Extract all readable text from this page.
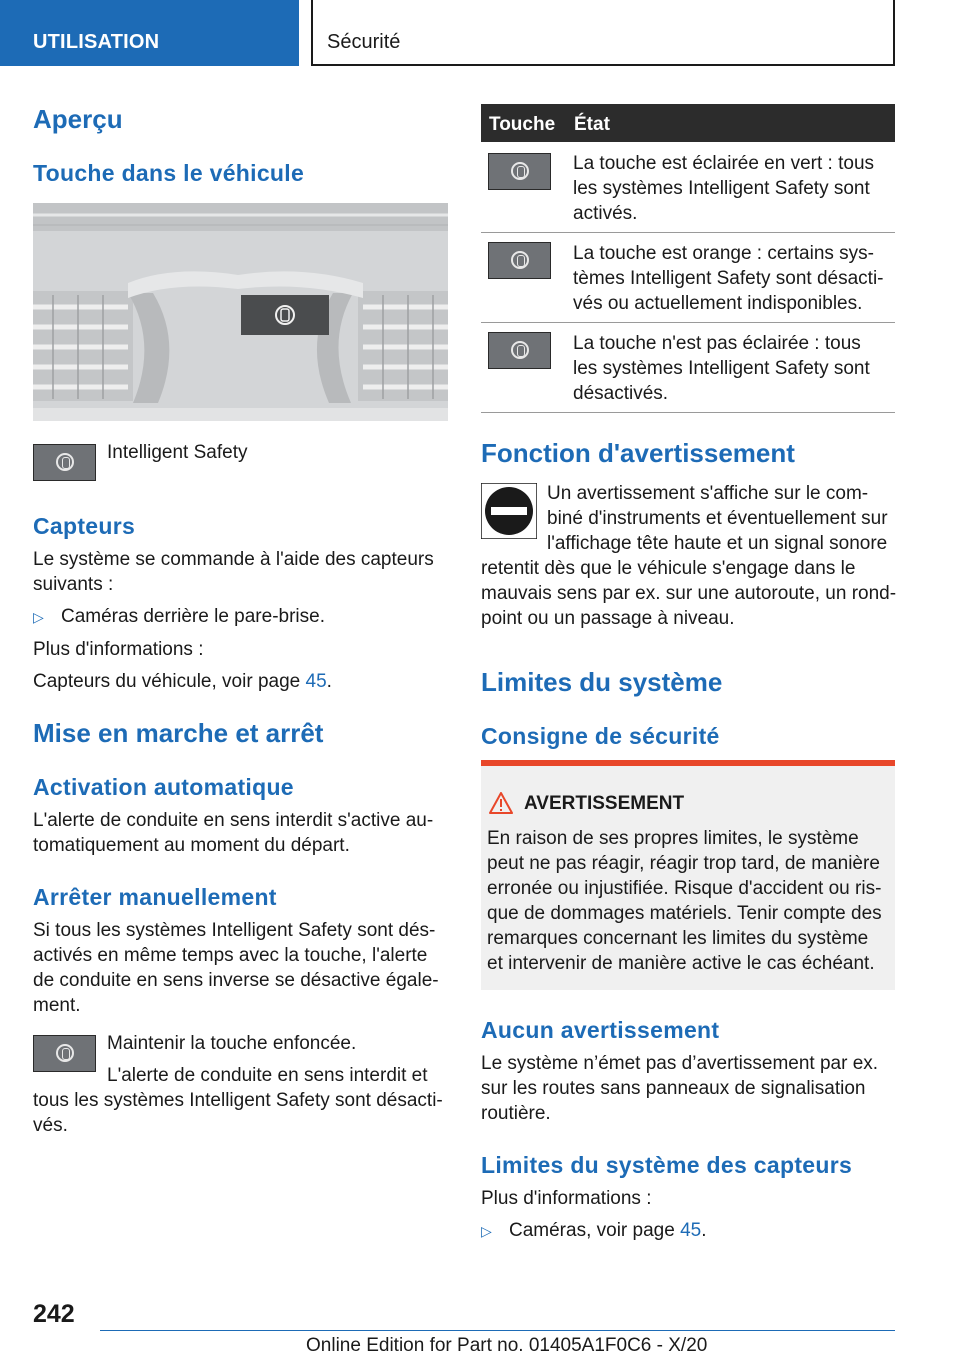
UTILISATION	Sécurité
Aperçu
Touche dans le véhicule
Intelligent Safety
Capteurs
Le système se commande à l'aide des capteurs
suivants :
▷ Caméras derrière le pare-brise.
Plus d'informations :
Capteurs du véhicule, voir page 45.
Mise en marche et arrêt
Activation automatique
L'alerte de conduite en sens interdit s'active au-
tomatiquement au moment du départ.
Arrêter manuellement
Si tous les systèmes Intelligent Safety sont dés-
activés en même temps avec la touche, l'alerte
de conduite en sens inverse se désactive égale-
ment.
Maintenir la touche enfoncée.
L'alerte de conduite en sens interdit et
tous les systèmes Intelligent Safety sont désacti-
vés.
Touche État
La touche est éclairée en vert : tous
les systèmes Intelligent Safety sont
activés.
La touche est orange : certains sys-
tèmes Intelligent Safety sont désacti-
vés ou actuellement indisponibles.
La touche n'est pas éclairée : tous
les systèmes Intelligent Safety sont
désactivés.
Fonction d'avertissement
Un avertissement s'affiche sur le com-
biné d'instruments et éventuellement sur
l'affichage tête haute et un signal sonore
retentit dès que le véhicule s'engage dans le
mauvais sens par ex. sur une autoroute, un rond-
point ou un passage à niveau.
Limites du système
Consigne de sécurité
AVERTISSEMENT
En raison de ses propres limites, le système
peut ne pas réagir, réagir trop tard, de manière
erronée ou injustifiée. Risque d'accident ou ris-
que de dommages matériels. Tenir compte des
remarques concernant les limites du système
et intervenir de manière active le cas échéant.
Aucun avertissement
Le système n’émet pas d’avertissement par ex.
sur les routes sans panneaux de signalisation
routière.
Limites du système des capteurs
Plus d'informations :
▷ Caméras, voir page 45.
242
Online Edition for Part no. 01405A1F0C6 - X/20
